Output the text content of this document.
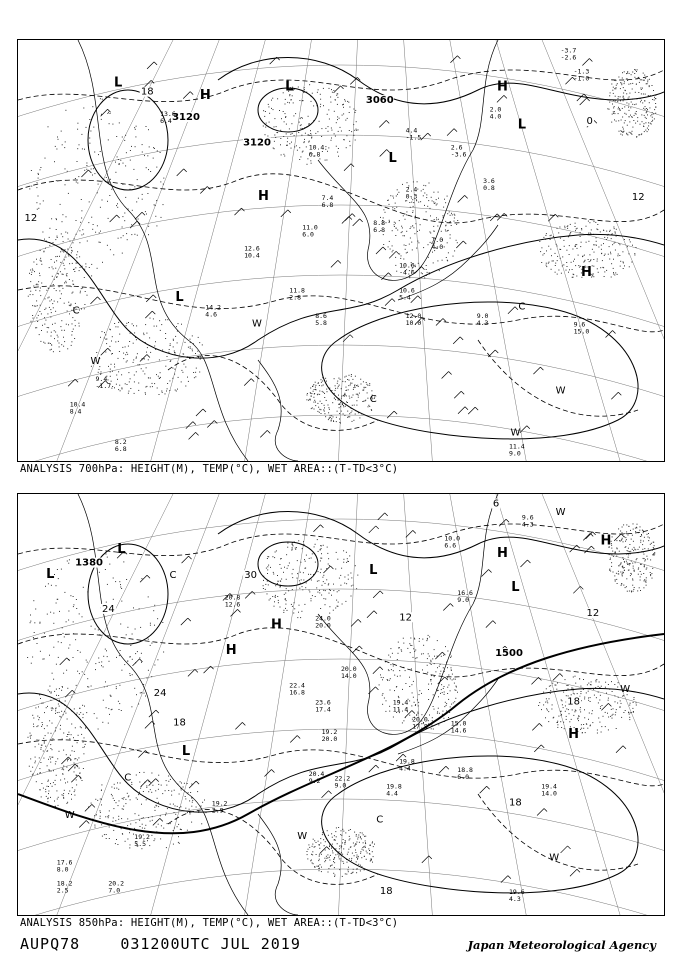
L	L
H
L
H
L
H
L
H
C
W
W
C
C
W
W
3120
3120
3060
18
12
12
0
13.6
6.4
10.4
6.8
7.4
6.8
11.0
6.0
12.6
10.4
8.8
6.8
4.4
-1.5
2.6
-3.6
2.4
0.3
3.6
0.8
7.0
4.0
10.6
-4.6
10.6
5.4
12.0
10.0
9.0
4.3	9.6
15.0
11.4
9.0
2.0
4.0
-1.3
-1.0
-3.7
-2.6
9.4
-1.7
10.4
8.4
8.2
6.8
14.2
4.6
11.8
2.8
8.6
5.8
ANALYSIS 700hPa: HEIGHT(M), TEMP(°C), WET AREA::(T-TD<3°C)
L
L
H
H
L
L
H
L
H
H
C
C
W
W
C
W
W
W
1380
1500
30
24
24
18
18
18
18
12	12
6
20.8
12.6
24.0
20.0
20.0
14.0
23.6
17.4
19.2
20.0
22.4
16.8
19.4
11.4
20.0
17.8
19.8
4.4
20.4
9.2 22.2
9.0	19.8
4.4
15.0
14.6
18.8
6.0
19.4
14.0
10.0
6.6
9.6
4.3
16.6
9.0
19.2
5.5
19.2
2.9
20.2
7.0
17.6
8.0
19.6
4.3
18.2
2.5
ANALYSIS 850hPa: HEIGHT(M), TEMP(°C), WET AREA::(T-TD<3°C)
AUPQ78	031200UTC JUL 2019	Japan Meteorological Agency
